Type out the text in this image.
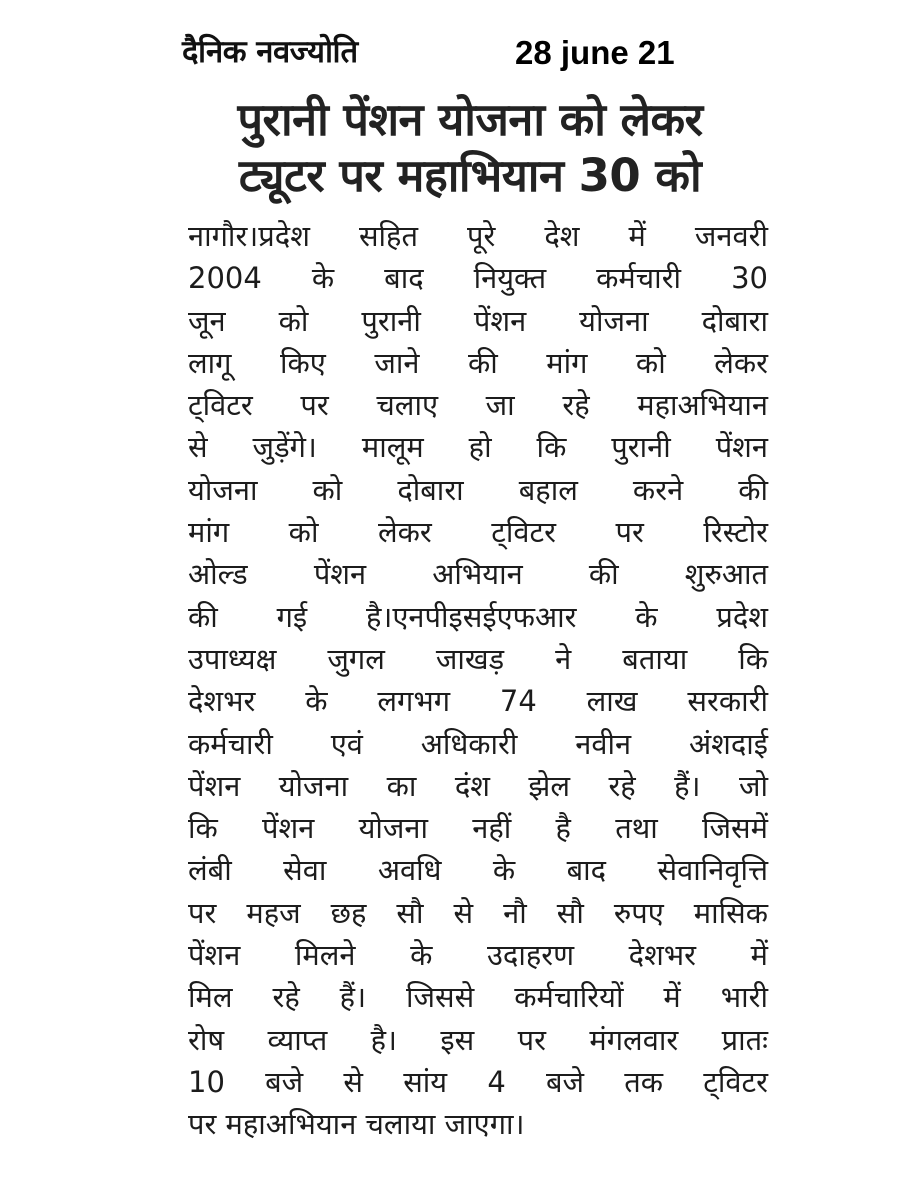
दैनिक नवज्योति	28 june 21
पुरानी पेंशन योजना को लेकर
ट्यूटर पर महाभियान 30 को
नागौर।प्रदेश सहित पूरे देश में जनवरी
2004 के बाद नियुक्त कर्मचारी 30
जून को पुरानी पेंशन योजना दोबारा
लागू किए जाने की मांग को लेकर
ट्विटर पर चलाए जा रहे महाअभियान
से जुड़ेंगे। मालूम हो कि पुरानी पेंशन
योजना को दोबारा बहाल करने की
मांग को लेकर ट्विटर पर रिस्टोर
ओल्ड पेंशन अभियान की शुरुआत
की गई है।एनपीइसईएफआर के प्रदेश
उपाध्यक्ष जुगल जाखड़ ने बताया कि
देशभर के लगभग 74 लाख सरकारी
कर्मचारी एवं अधिकारी नवीन अंशदाई
पेंशन योजना का दंश झेल रहे हैं। जो
कि पेंशन योजना नहीं है तथा जिसमें
लंबी सेवा अवधि के बाद सेवानिवृत्ति
पर महज छह सौ से नौ सौ रुपए मासिक
पेंशन मिलने के उदाहरण देशभर में
मिल रहे हैं। जिससे कर्मचारियों में भारी
रोष व्याप्त है। इस पर मंगलवार प्रातः
10 बजे से सांय 4 बजे तक ट्विटर
पर महाअभियान चलाया जाएगा।
